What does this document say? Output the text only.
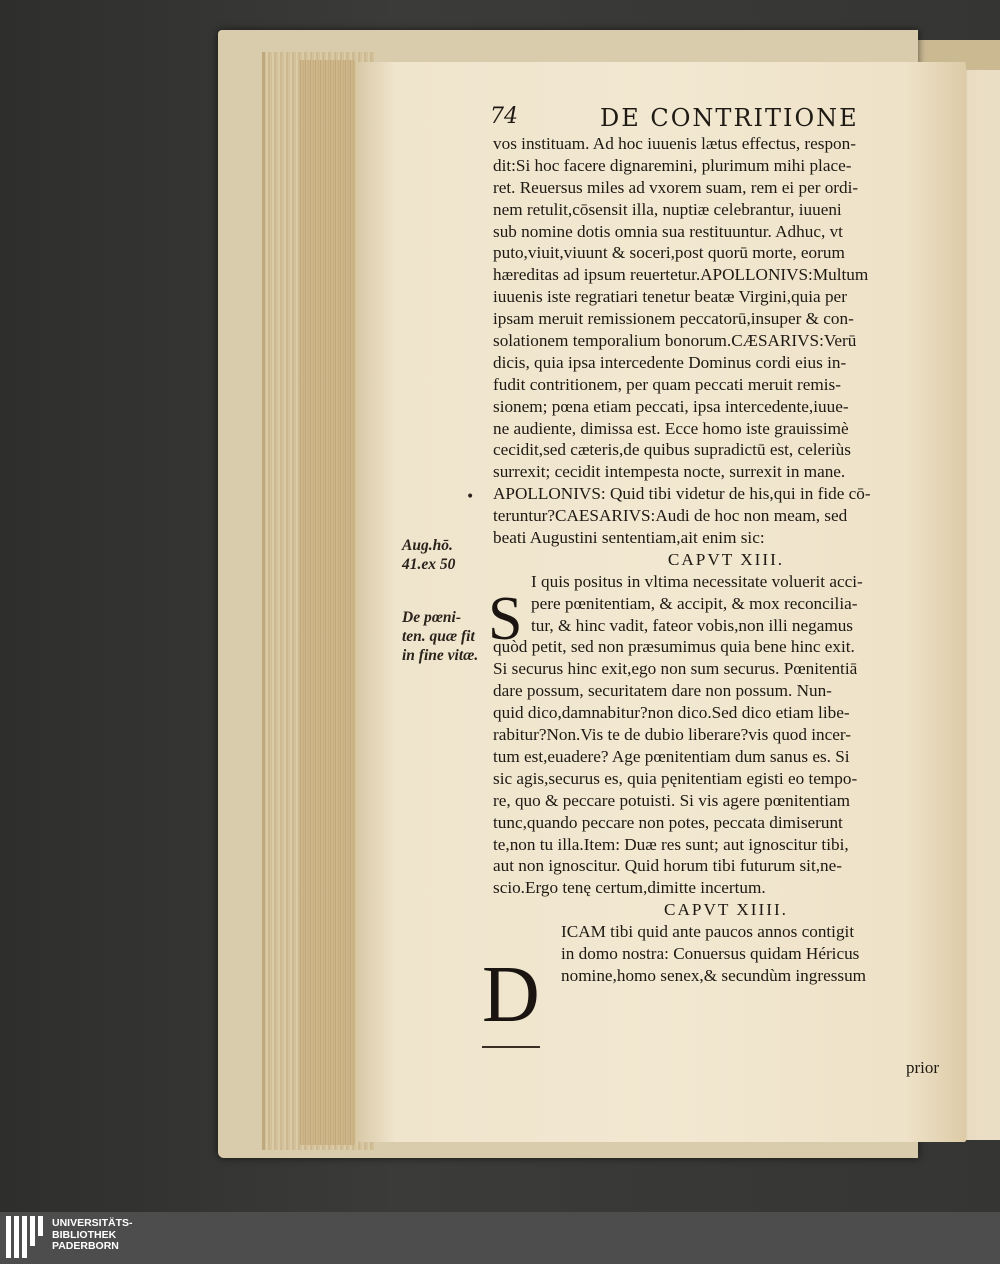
74	DE CONTRITIONE
vos instituam. Ad hoc iuuenis lætus effectus, respon-
dit:Si hoc facere dignaremini, plurimum mihi place-
ret. Reuersus miles ad vxorem suam, rem ei per ordi-
nem retulit,cōsensit illa, nuptiæ celebrantur, iuueni
sub nomine dotis omnia sua restituuntur. Adhuc, vt
puto,viuit,viuunt & soceri,post quorū morte, eorum
hæreditas ad ipsum reuertetur.APOLLONIVS:Multum
iuuenis iste regratiari tenetur beatæ Virgini,quia per
ipsam meruit remissionem peccatorū,insuper & con-
solationem temporalium bonorum.CÆSARIVS:Verū
dicis, quia ipsa intercedente Dominus cordi eius in-
fudit contritionem, per quam peccati meruit remis-
sionem; pœna etiam peccati, ipsa intercedente,iuue-
ne audiente, dimissa est. Ecce homo iste grauissimè
cecidit,sed cæteris,de quibus supradictū est, celeriùs
surrexit; cecidit intempesta nocte, surrexit in mane.
APOLLONIVS: Quid tibi videtur de his,qui in fide cō-
teruntur?CAESARIVS:Audi de hoc non meam, sed
beati Augustini sententiam,ait enim sic:
CAPVT XIII.
I quis positus in vltima necessitate voluerit acci-
pere pœnitentiam, & accipit, & mox reconcilia-
tur, & hinc vadit, fateor vobis,non illi negamus
quòd petit, sed non præsumimus quia bene hinc exit.
Si securus hinc exit,ego non sum securus. Pœnitentiā
dare possum, securitatem dare non possum. Nun-
quid dico,damnabitur?non dico.Sed dico etiam libe-
rabitur?Non.Vis te de dubio liberare?vis quod incer-
tum est,euadere? Age pœnitentiam dum sanus es. Si
sic agis,securus es, quia pęnitentiam egisti eo tempo-
re, quo & peccare potuisti. Si vis agere pœnitentiam
tunc,quando peccare non potes, peccata dimiserunt
te,non tu illa.Item: Duæ res sunt; aut ignoscitur tibi,
aut non ignoscitur. Quid horum tibi futurum sit,ne-
scio.Ergo tenę certum,dimitte incertum.
CAPVT XIIII.
ICAM tibi quid ante paucos annos contigit
in domo nostra: Conuersus quidam Héricus
nomine,homo senex,& secundùm ingressum
S
D
•
Aug.hō. 41.ex 50
De pœni- ten. quæ fit in fine vitæ.
prior
UNIVERSITÄTS-
BIBLIOTHEK
PADERBORN
